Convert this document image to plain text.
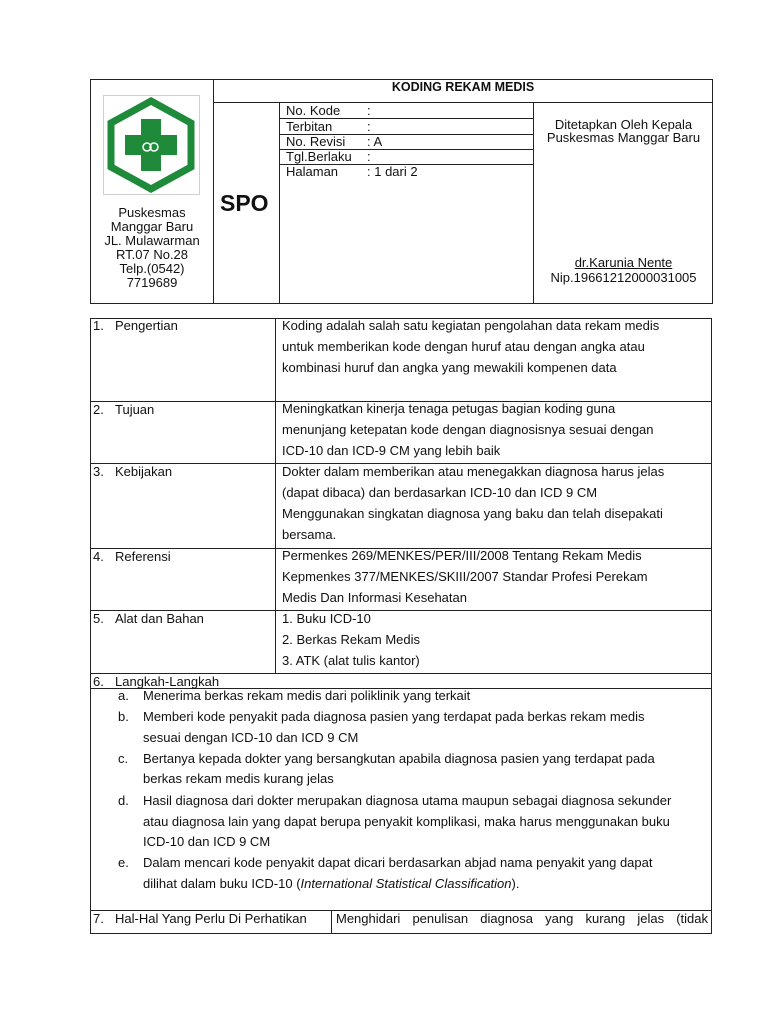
Puskesmas
Manggar Baru
JL. Mulawarman
RT.07 No.28
Telp.(0542)
7719689
KODING REKAM MEDIS
SPO
No. Kode :
Terbitan	:
No. Revisi : A
Tgl.Berlaku :
Halaman : 1 dari 2
Ditetapkan Oleh Kepala
Puskesmas Manggar Baru
dr.Karunia Nente
Nip.19661212000031005
1. Pengertian	Koding adalah salah satu kegiatan pengolahan data rekam medis
untuk memberikan kode dengan huruf atau dengan angka atau
kombinasi huruf dan angka yang mewakili kompenen data
2. Tujuan	Meningkatkan kinerja tenaga petugas bagian koding guna
menunjang ketepatan kode dengan diagnosisnya sesuai dengan
ICD-10 dan ICD-9 CM yang lebih baik
3. Kebijakan	Dokter dalam memberikan atau menegakkan diagnosa harus jelas
(dapat dibaca) dan berdasarkan ICD-10 dan ICD 9 CM
Menggunakan singkatan diagnosa yang baku dan telah disepakati
bersama.
4. Referensi	Permenkes 269/MENKES/PER/III/2008 Tentang Rekam Medis
Kepmenkes 377/MENKES/SKIII/2007 Standar Profesi Perekam
Medis Dan Informasi Kesehatan
5. Alat dan Bahan	1. Buku ICD-10
2. Berkas Rekam Medis
3. ATK (alat tulis kantor)
6. Langkah-Langkah
a. Menerima berkas rekam medis dari poliklinik yang terkait
b. Memberi kode penyakit pada diagnosa pasien yang terdapat pada berkas rekam medis
sesuai dengan ICD-10 dan ICD 9 CM
c. Bertanya kepada dokter yang bersangkutan apabila diagnosa pasien yang terdapat pada
berkas rekam medis kurang jelas
d. Hasil diagnosa dari dokter merupakan diagnosa utama maupun sebagai diagnosa sekunder
atau diagnosa lain yang dapat berupa penyakit komplikasi, maka harus menggunakan buku
ICD-10 dan ICD 9 CM
e. Dalam mencari kode penyakit dapat dicari berdasarkan abjad nama penyakit yang dapat
dilihat dalam buku ICD-10 (International Statistical Classification).
7. Hal-Hal Yang Perlu Di Perhatikan Menghidari penulisan diagnosa yang kurang jelas (tidak
